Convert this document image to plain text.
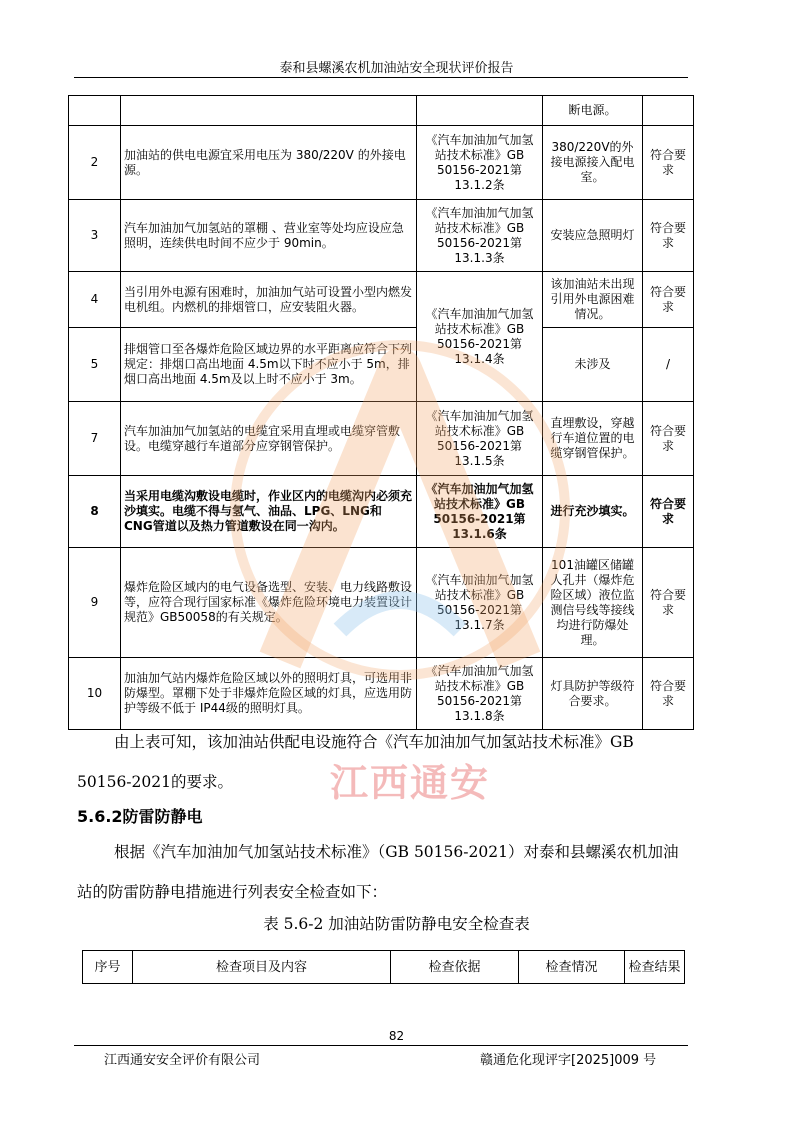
泰和县螺溪农机加油站安全现状评价报告
			断电源。	
2	加油站的供电电源宜采用电压为 380/220V 的外接电源。	《汽车加油加气加氢站技术标准》GB 50156-2021第13.1.2条	380/220V的外接电源接入配电室。	符合要求
3	汽车加油加气加氢站的罩棚 、营业室等处均应设应急照明，连续供电时间不应少于 90min。	《汽车加油加气加氢站技术标准》GB 50156-2021第13.1.3条	安装应急照明灯	符合要求
4	当引用外电源有困难时，加油加气站可设置小型内燃发电机组。内燃机的排烟管口，应安装阻火器。	《汽车加油加气加氢站技术标准》GB 50156-2021第13.1.4条	该加油站未出现引用外电源困难情况。	符合要求
5	排烟管口至各爆炸危险区域边界的水平距离应符合下列规定：排烟口高出地面 4.5m以下时不应小于 5m，排烟口高出地面 4.5m及以上时不应小于 3m。		未涉及	/
7	汽车加油加气加氢站的电缆宜采用直埋或电缆穿管敷设。电缆穿越行车道部分应穿钢管保护。	《汽车加油加气加氢站技术标准》GB 50156-2021第13.1.5条	直埋敷设，穿越行车道位置的电缆穿钢管保护。	符合要求
8	当采用电缆沟敷设电缆时，作业区内的电缆沟内必须充沙填实。电缆不得与氢气、油品、LPG、LNG和 CNG管道以及热力管道敷设在同一沟内。	《汽车加油加气加氢站技术标准》GB 50156-2021第13.1.6条	进行充沙填实。	符合要求
9	爆炸危险区域内的电气设备选型、安装、电力线路敷设等，应符合现行国家标准《爆炸危险环境电力装置设计规范》GB50058的有关规定。	《汽车加油加气加氢站技术标准》GB 50156-2021第13.1.7条	101油罐区储罐人孔井（爆炸危险区域）液位监测信号线等接线均进行防爆处理。	符合要求
10	加油加气站内爆炸危险区域以外的照明灯具，可选用非防爆型。罩棚下处于非爆炸危险区域的灯具，应选用防护等级不低于 IP44级的照明灯具。	《汽车加油加气加氢站技术标准》GB 50156-2021第13.1.8条	灯具防护等级符合要求。	符合要求

由上表可知，该加油站供配电设施符合《汽车加油加气加氢站技术标准》GB 50156-2021的要求。

5.6.2防雷防静电

根据《汽车加油加气加氢站技术标准》（GB 50156-2021）对泰和县螺溪农机加油站的防雷防静电措施进行列表安全检查如下：

表 5.6-2 加油站防雷防静电安全检查表
序号	检查项目及内容	检查依据	检查情况	检查结果
江西通安
82
江西通安安全评价有限公司	赣通危化现评字[2025]009 号
